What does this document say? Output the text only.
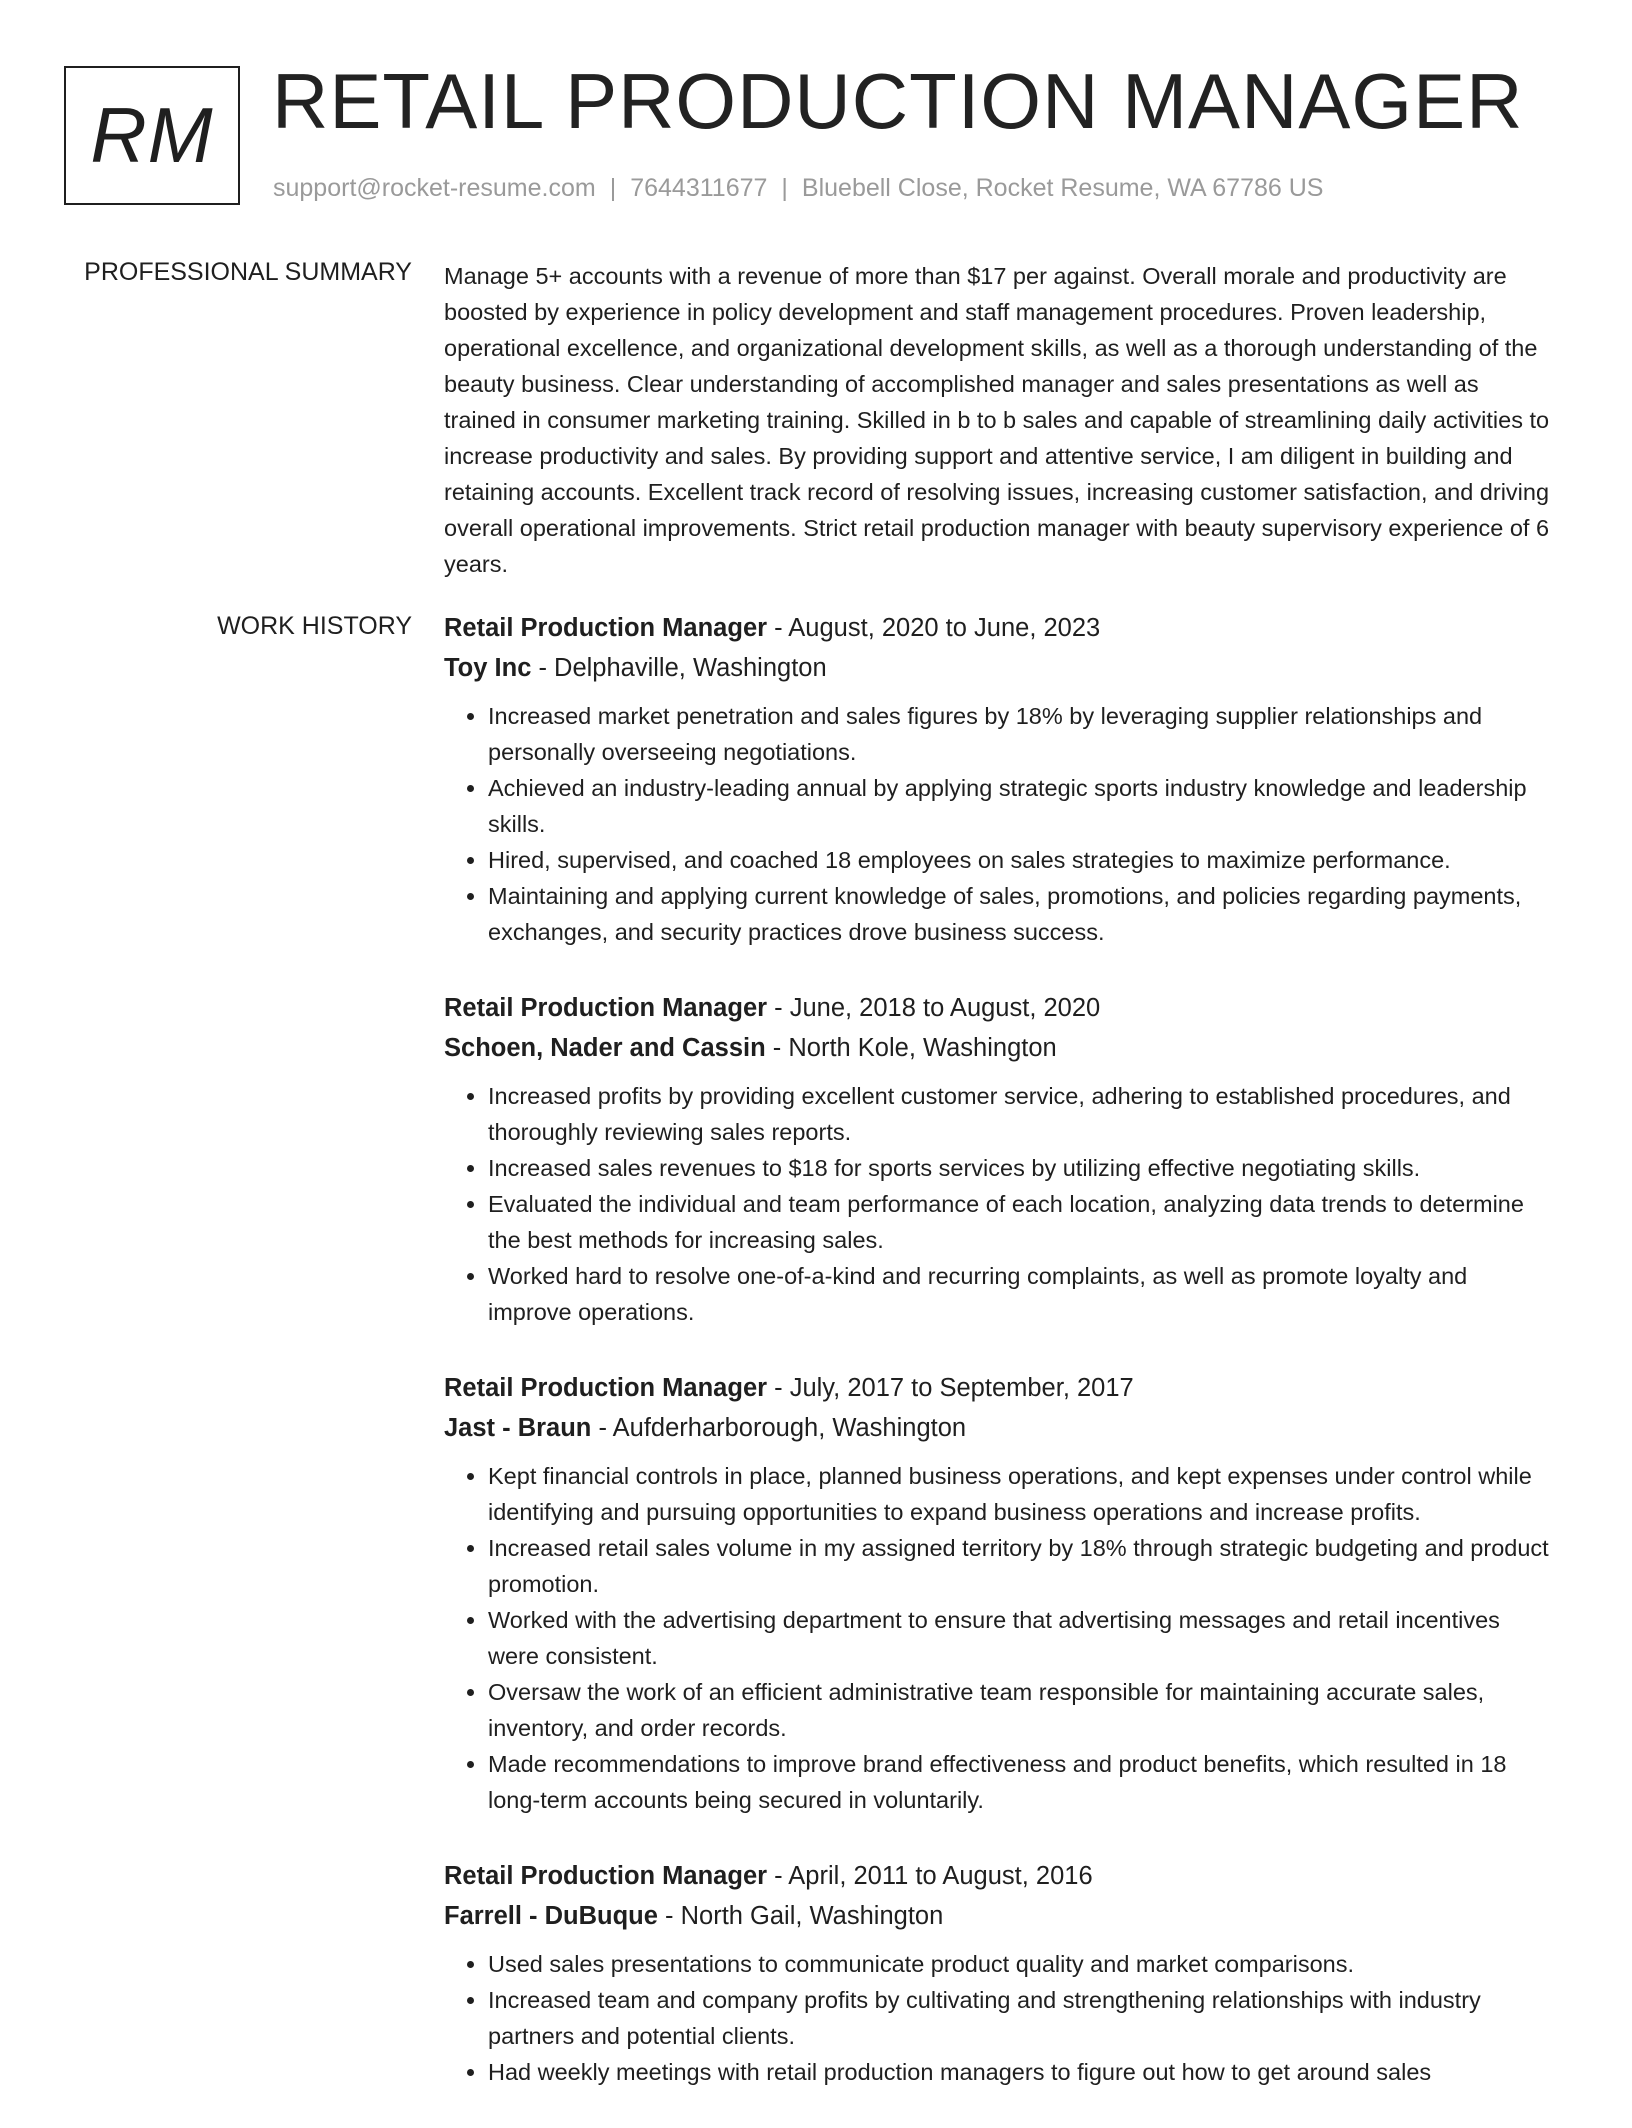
RM RETAIL PRODUCTION MANAGER
support@rocket-resume.com | 7644311677 | Bluebell Close, Rocket Resume, WA 67786 US
PROFESSIONAL SUMMARY Manage 5+ accounts with a revenue of more than $17 per against. Overall morale and productivity are boosted by experience in policy development and staff management procedures. Proven leadership, operational excellence, and organizational development skills, as well as a thorough understanding of the beauty business. Clear understanding of accomplished manager and sales presentations as well as trained in consumer marketing training. Skilled in b to b sales and capable of streamlining daily activities to increase productivity and sales. By providing support and attentive service, I am diligent in building and retaining accounts. Excellent track record of resolving issues, increasing customer satisfaction, and driving overall operational improvements. Strict retail production manager with beauty supervisory experience of 6 years.

WORK HISTORY Retail Production Manager - August, 2020 to June, 2023
Toy Inc - Delphaville, Washington
• Increased market penetration and sales figures by 18% by leveraging supplier relationships and personally overseeing negotiations.
• Achieved an industry-leading annual by applying strategic sports industry knowledge and leadership skills.
• Hired, supervised, and coached 18 employees on sales strategies to maximize performance.
• Maintaining and applying current knowledge of sales, promotions, and policies regarding payments, exchanges, and security practices drove business success.
Retail Production Manager - June, 2018 to August, 2020
Schoen, Nader and Cassin - North Kole, Washington
• Increased profits by providing excellent customer service, adhering to established procedures, and thoroughly reviewing sales reports.
• Increased sales revenues to $18 for sports services by utilizing effective negotiating skills.
• Evaluated the individual and team performance of each location, analyzing data trends to determine the best methods for increasing sales.
• Worked hard to resolve one-of-a-kind and recurring complaints, as well as promote loyalty and improve operations.
Retail Production Manager - July, 2017 to September, 2017
Jast - Braun - Aufderharborough, Washington
• Kept financial controls in place, planned business operations, and kept expenses under control while identifying and pursuing opportunities to expand business operations and increase profits.
• Increased retail sales volume in my assigned territory by 18% through strategic budgeting and product promotion.
• Worked with the advertising department to ensure that advertising messages and retail incentives were consistent.
• Oversaw the work of an efficient administrative team responsible for maintaining accurate sales, inventory, and order records.
• Made recommendations to improve brand effectiveness and product benefits, which resulted in 18 long-term accounts being secured in voluntarily.
Retail Production Manager - April, 2011 to August, 2016
Farrell - DuBuque - North Gail, Washington
• Used sales presentations to communicate product quality and market comparisons.
• Increased team and company profits by cultivating and strengthening relationships with industry partners and potential clients.
• Had weekly meetings with retail production managers to figure out how to get around sales
